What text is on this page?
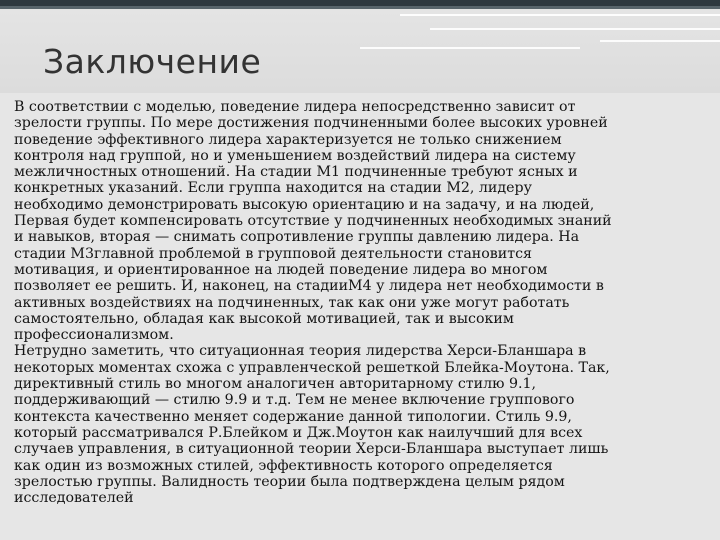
Заключение

В соответствии с моделью, поведение лидера непосредственно зависит от
зрелости группы. По мере достижения подчиненными более высоких уровней
поведение эффективного лидера характеризуется не только снижением
контроля над группой, но и уменьшением воздействий лидера на систему
межличностных отношений. На стадии М1 подчиненные требуют ясных и
конкретных указаний. Если группа находится на стадии М2, лидеру
необходимо демонстрировать высокую ориентацию и на задачу, и на людей,
Первая будет компенсировать отсутствие у подчиненных необходимых знаний
и навыков, вторая — снимать сопротивление группы давлению лидера. На
стадии М3главной проблемой в групповой деятельности становится
мотивация, и ориентированное на людей поведение лидера во многом
позволяет ее решить. И, наконец, на стадииМ4 у лидера нет необходимости в
активных воздействиях на подчиненных, так как они уже могут работать
самостоятельно, обладая как высокой мотивацией, так и высоким
профессионализмом.

Нетрудно заметить, что ситуационная теория лидерства Херси-Бланшара в
некоторых моментах схожа с управленческой решеткой Блейка-Моутона. Так,
директивный стиль во многом аналогичен авторитарному стилю 9.1,
поддерживающий — стилю 9.9 и т.д. Тем не менее включение группового
контекста качественно меняет содержание данной типологии. Стиль 9.9,
который рассматривался Р.Блейком и Дж.Моутон как наилучший для всех
случаев управления, в ситуационной теории Херси-Бланшара выступает лишь
как один из возможных стилей, эффективность которого определяется
зрелостью группы. Валидность теории была подтверждена целым рядом
исследователей
